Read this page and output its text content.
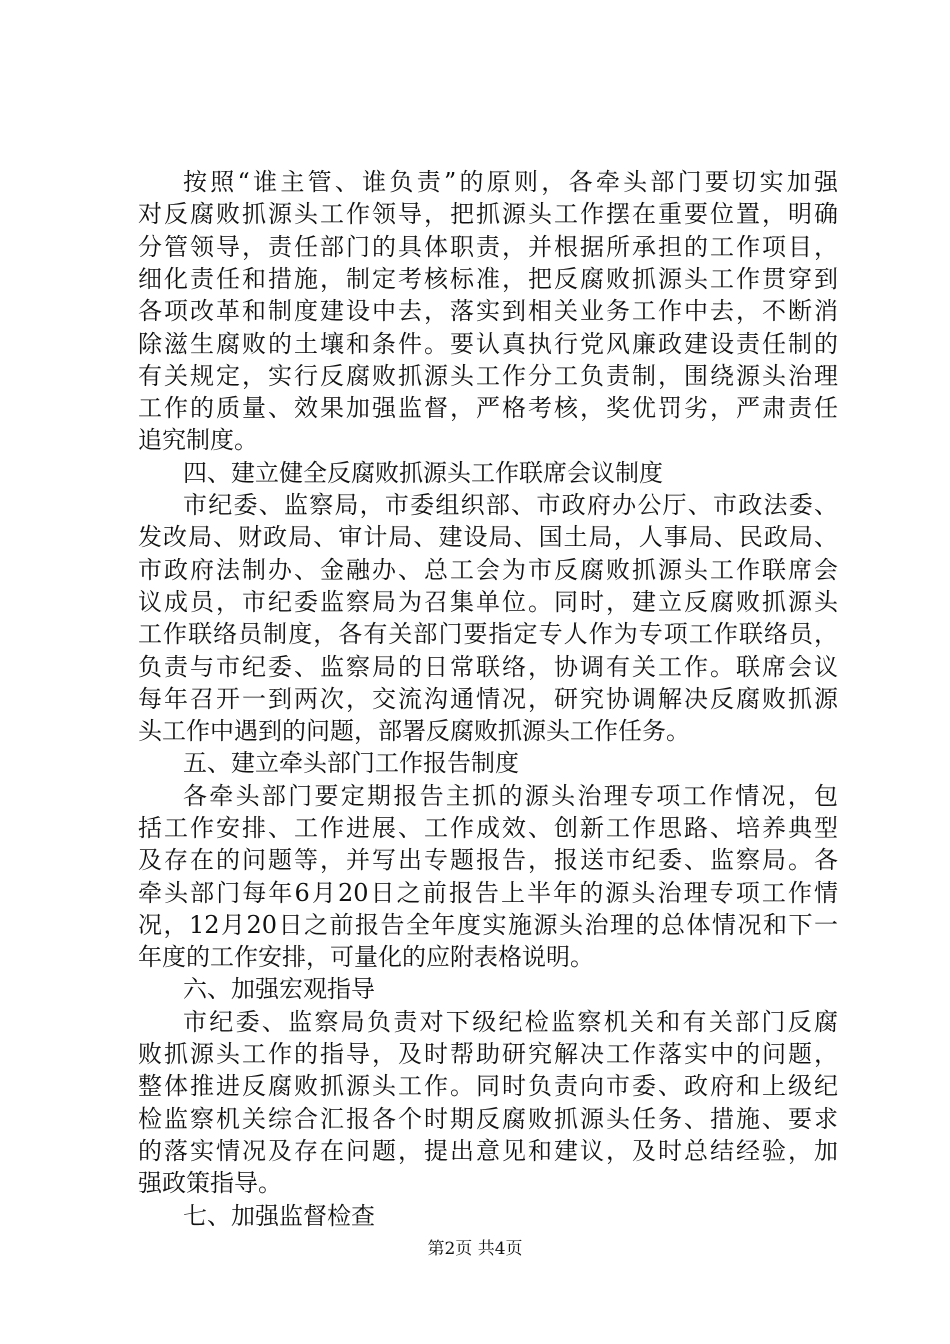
按照“谁主管、谁负责”的原则，各牵头部门要切实加强
对反腐败抓源头工作领导，把抓源头工作摆在重要位置，明确
分管领导，责任部门的具体职责，并根据所承担的工作项目，
细化责任和措施，制定考核标准，把反腐败抓源头工作贯穿到
各项改革和制度建设中去，落实到相关业务工作中去，不断消
除滋生腐败的土壤和条件。要认真执行党风廉政建设责任制的
有关规定，实行反腐败抓源头工作分工负责制，围绕源头治理
工作的质量、效果加强监督，严格考核，奖优罚劣，严肃责任
追究制度。
四、建立健全反腐败抓源头工作联席会议制度
市纪委、监察局，市委组织部、市政府办公厅、市政法委、
发改局、财政局、审计局、建设局、国土局，人事局、民政局、
市政府法制办、金融办、总工会为市反腐败抓源头工作联席会
议成员，市纪委监察局为召集单位。同时，建立反腐败抓源头
工作联络员制度，各有关部门要指定专人作为专项工作联络员，
负责与市纪委、监察局的日常联络，协调有关工作。联席会议
每年召开一到两次，交流沟通情况，研究协调解决反腐败抓源
头工作中遇到的问题，部署反腐败抓源头工作任务。
五、建立牵头部门工作报告制度
各牵头部门要定期报告主抓的源头治理专项工作情况，包
括工作安排、工作进展、工作成效、创新工作思路、培养典型
及存在的问题等，并写出专题报告，报送市纪委、监察局。各
牵头部门每年6月20日之前报告上半年的源头治理专项工作情
况，12月20日之前报告全年度实施源头治理的总体情况和下一
年度的工作安排，可量化的应附表格说明。
六、加强宏观指导
市纪委、监察局负责对下级纪检监察机关和有关部门反腐
败抓源头工作的指导，及时帮助研究解决工作落实中的问题，
整体推进反腐败抓源头工作。同时负责向市委、政府和上级纪
检监察机关综合汇报各个时期反腐败抓源头任务、措施、要求
的落实情况及存在问题，提出意见和建议，及时总结经验，加
强政策指导。
七、加强监督检查
第2页 共4页
